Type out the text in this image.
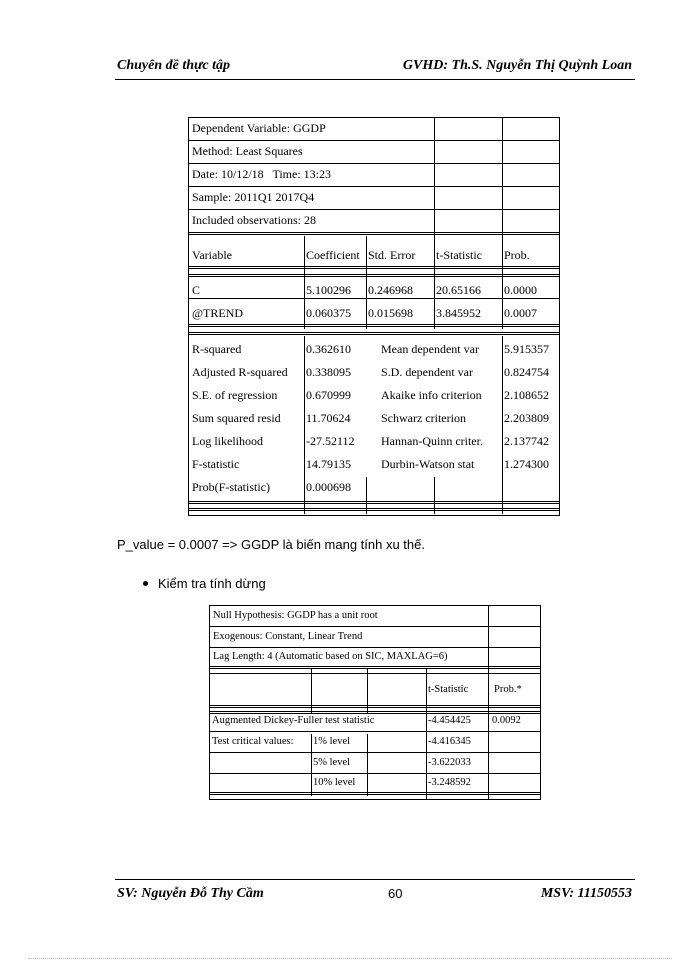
Chuyên đề thực tập	GVHD: Th.S. Nguyễn Thị Quỳnh Loan
Dependent Variable: GGDP
Method: Least Squares
Date: 10/12/18   Time: 13:23
Sample: 2011Q1 2017Q4
Included observations: 28
Variable	Coefficient Std. Error t-Statistic Prob.
C	5.100296 0.246968 20.65166 0.0000
@TREND	0.060375 0.015698 3.845952 0.0007
R-squared	0.362610	Mean dependent var 5.915357
Adjusted R-squared 0.338095	S.D. dependent var	0.824754
S.E. of regression 0.670999	Akaike info criterion 2.108652
Sum squared resid 11.70624	Schwarz criterion	2.203809
Log likelihood	-27.52112 Hannan-Quinn criter. 2.137742
F-statistic	14.79135	Durbin-Watson stat 1.274300
Prob(F-statistic)	0.000698
P_value = 0.0007 => GGDP là biến mang tính xu thế.
Kiểm tra tính dừng
Null Hypothesis: GGDP has a unit root
Exogenous: Constant, Linear Trend
Lag Length: 4 (Automatic based on SIC, MAXLAG=6)
t-Statistic Prob.*
Augmented Dickey-Fuller test statistic	-4.454425 0.0092
Test critical values: 1% level	-4.416345
5% level	-3.622033
10% level	-3.248592
SV: Nguyễn Đỗ Thy Cầm	60	MSV: 11150553
